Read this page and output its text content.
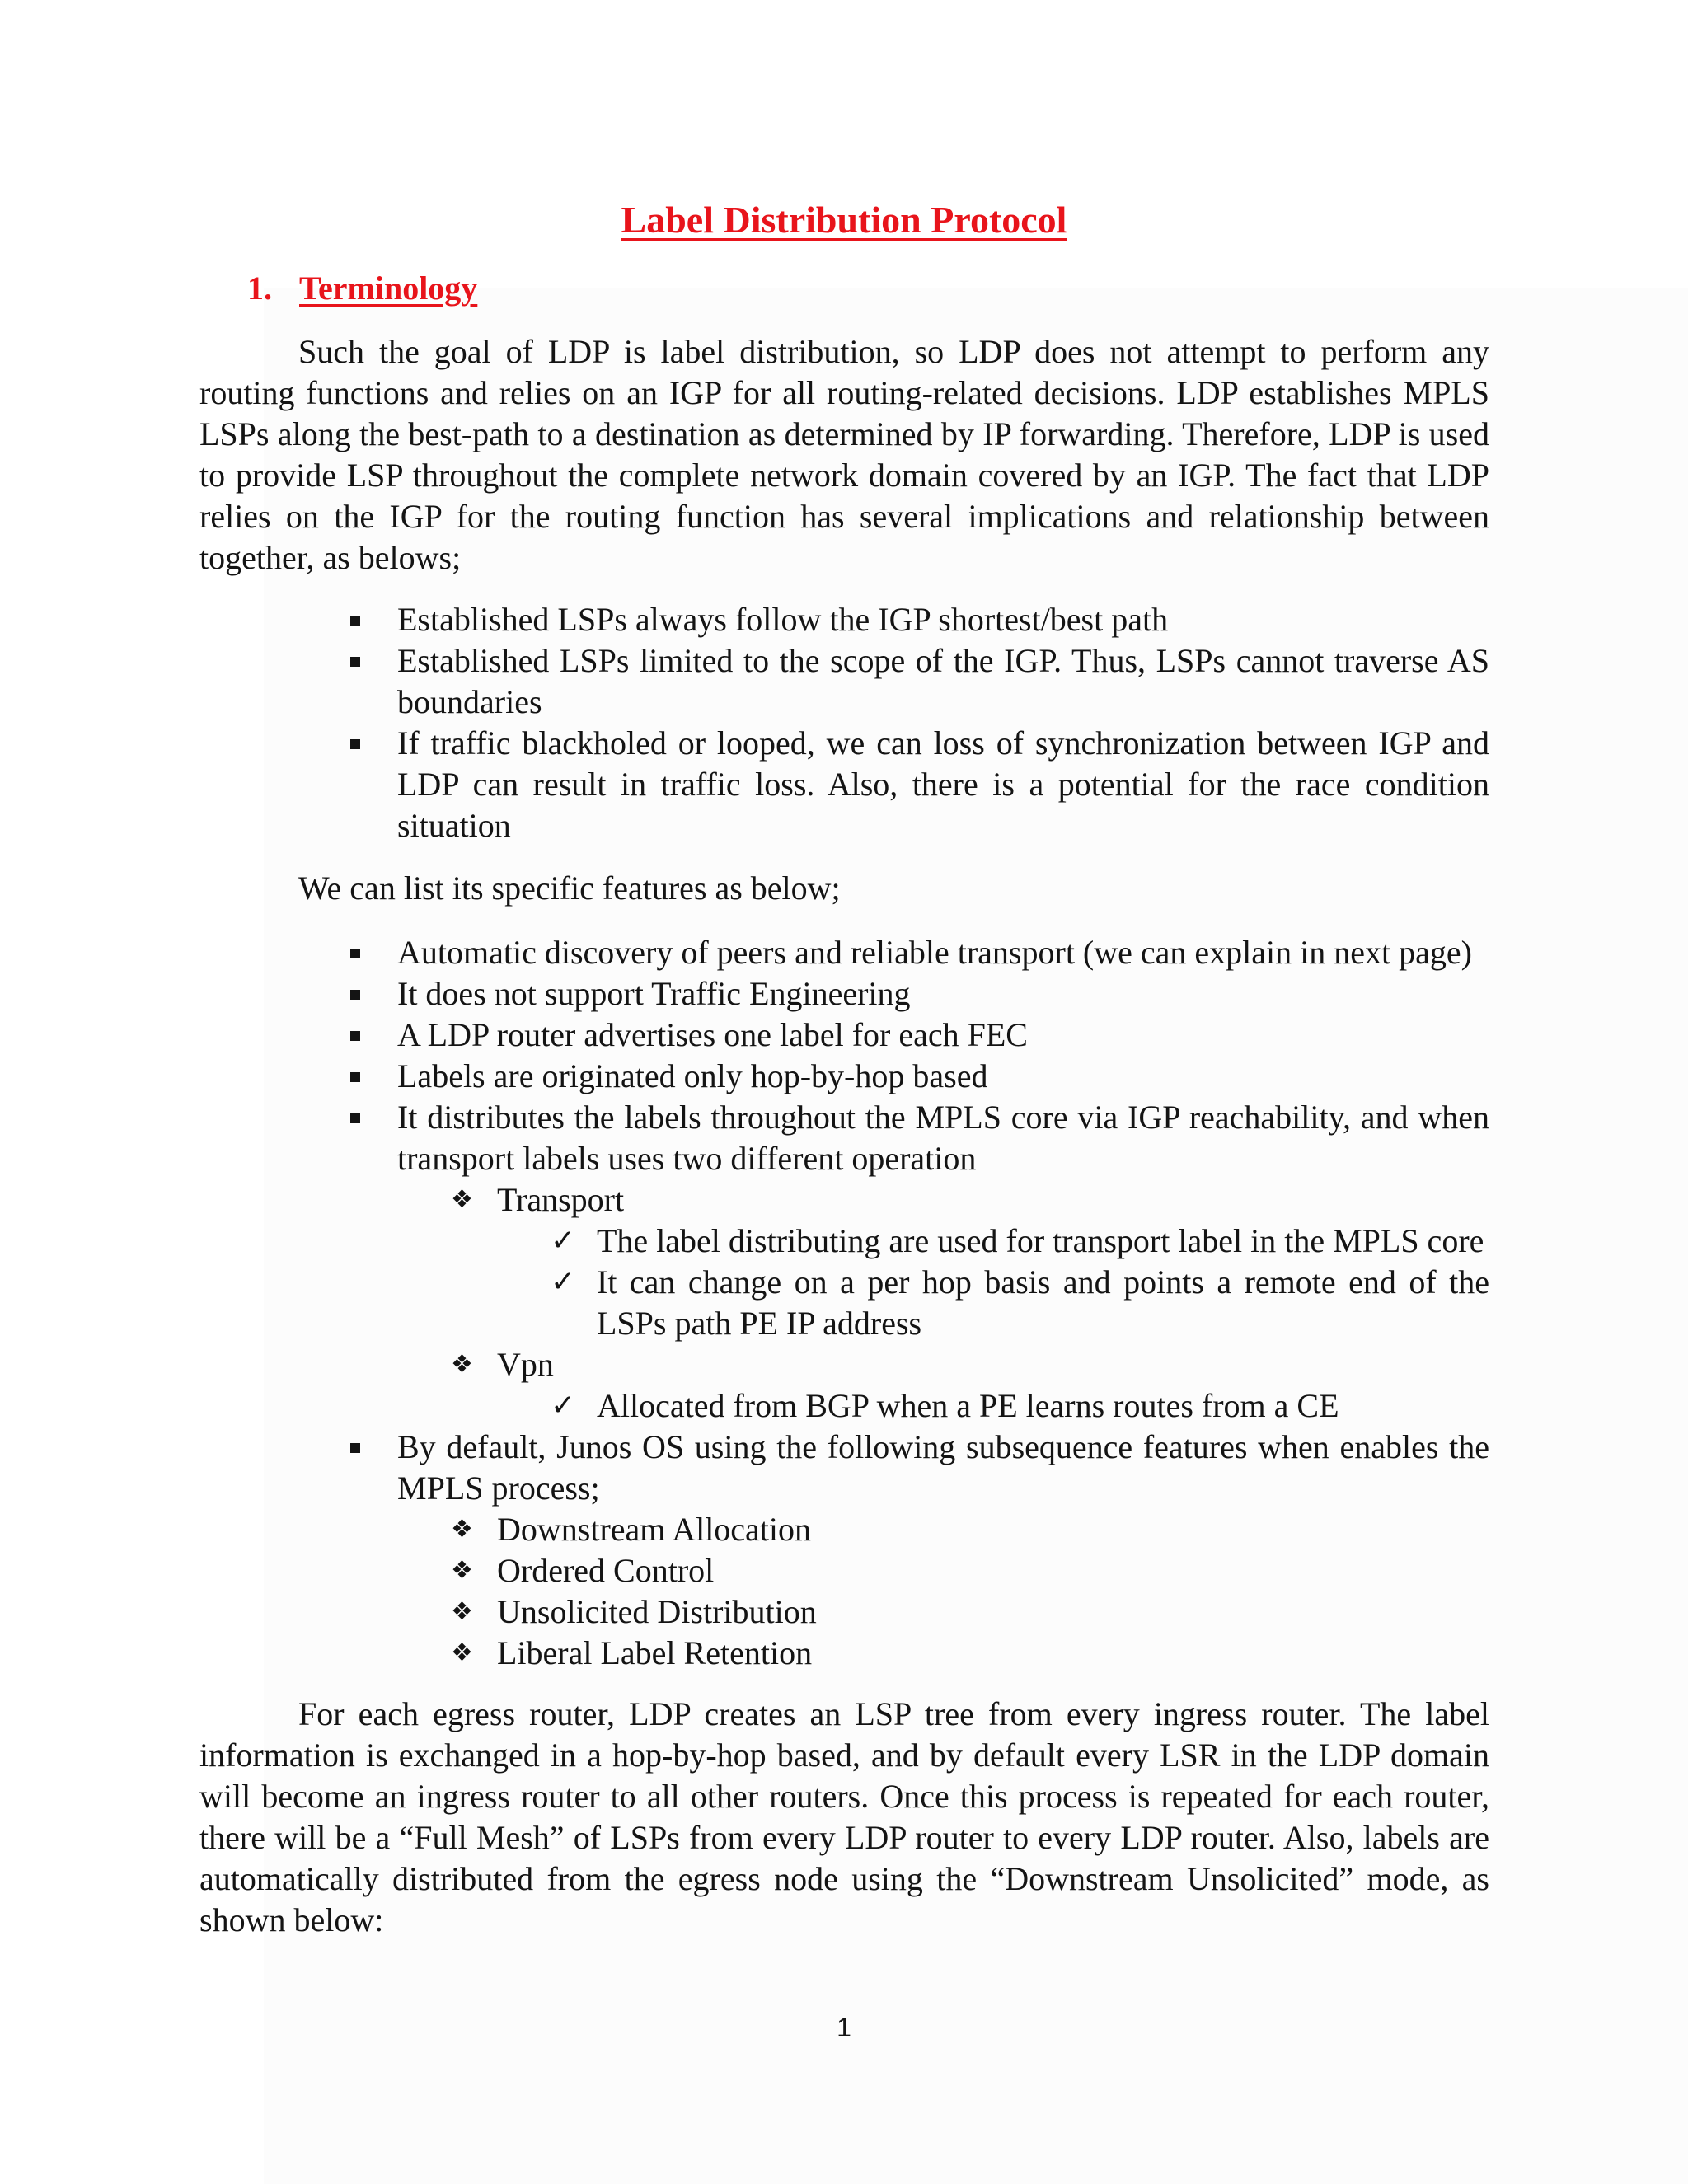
Label Distribution Protocol
1. Terminology

Such the goal of LDP is label distribution, so LDP does not attempt to perform any routing functions and relies on an IGP for all routing-related decisions. LDP establishes MPLS LSPs along the best-path to a destination as determined by IP forwarding. Therefore, LDP is used to provide LSP throughout the complete network domain covered by an IGP. The fact that LDP relies on the IGP for the routing function has several implications and relationship between together, as belows;

Established LSPs always follow the IGP shortest/best path
Established LSPs limited to the scope of the IGP. Thus, LSPs cannot traverse AS boundaries
If traffic blackholed or looped, we can loss of synchronization between IGP and LDP can result in traffic loss. Also, there is a potential for the race condition situation

We can list its specific features as below;

Automatic discovery of peers and reliable transport (we can explain in next page)
It does not support Traffic Engineering
A LDP router advertises one label for each FEC
Labels are originated only hop-by-hop based
It distributes the labels throughout the MPLS core via IGP reachability, and when transport labels uses two different operation
❖ Transport
✓ The label distributing are used for transport label in the MPLS core
✓ It can change on a per hop basis and points a remote end of the LSPs path PE IP address
❖ Vpn
✓ Allocated from BGP when a PE learns routes from a CE
By default, Junos OS using the following subsequence features when enables the MPLS process;
❖ Downstream Allocation
❖ Ordered Control
❖ Unsolicited Distribution
❖ Liberal Label Retention

For each egress router, LDP creates an LSP tree from every ingress router. The label information is exchanged in a hop-by-hop based, and by default every LSR in the LDP domain will become an ingress router to all other routers. Once this process is repeated for each router, there will be a “Full Mesh” of LSPs from every LDP router to every LDP router. Also, labels are automatically distributed from the egress node using the “Downstream Unsolicited” mode, as shown below:

1
